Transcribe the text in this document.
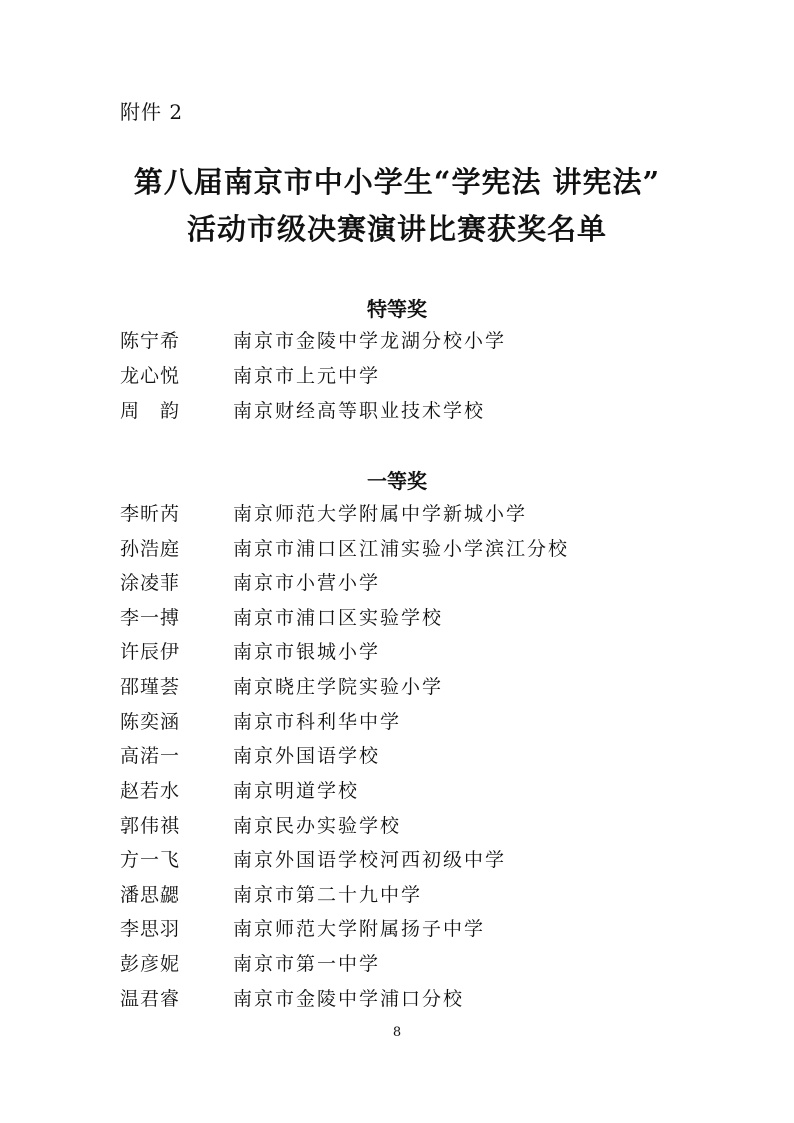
附件 2
第八届南京市中小学生“学宪法 讲宪法”
活动市级决赛演讲比赛获奖名单
特等奖
陈宁希	南京市金陵中学龙湖分校小学
龙心悦	南京市上元中学
周　韵	南京财经高等职业技术学校
一等奖
李昕芮	南京师范大学附属中学新城小学
孙浩庭	南京市浦口区江浦实验小学滨江分校
涂凌菲	南京市小营小学
李一搏	南京市浦口区实验学校
许辰伊	南京市银城小学
邵瑾荟	南京晓庄学院实验小学
陈奕涵	南京市科利华中学
高渃一	南京外国语学校
赵若水	南京明道学校
郭伟祺	南京民办实验学校
方一飞	南京外国语学校河西初级中学
潘思勰	南京市第二十九中学
李思羽	南京师范大学附属扬子中学
彭彦妮	南京市第一中学
温君睿	南京市金陵中学浦口分校
8
